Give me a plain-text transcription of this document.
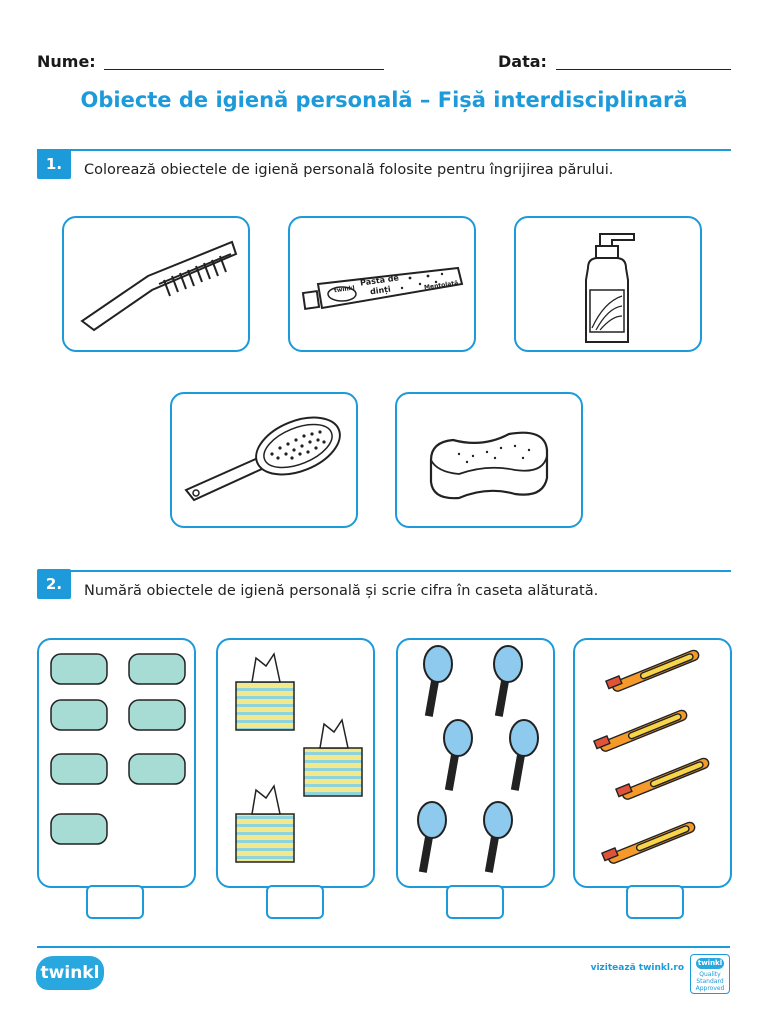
Nume:	Data:
Obiecte de igienă personală – Fișă interdisciplinară
1.	Colorează obiectele de igienă personală folosite pentru îngrijirea părului.
twinkl
Pastă de
dinți	Mentolată
2.	Numără obiectele de igienă personală și scrie cifra în caseta alăturată.
twinkl	vizitează twinkl.ro twinkl
Quality Standard Approved
